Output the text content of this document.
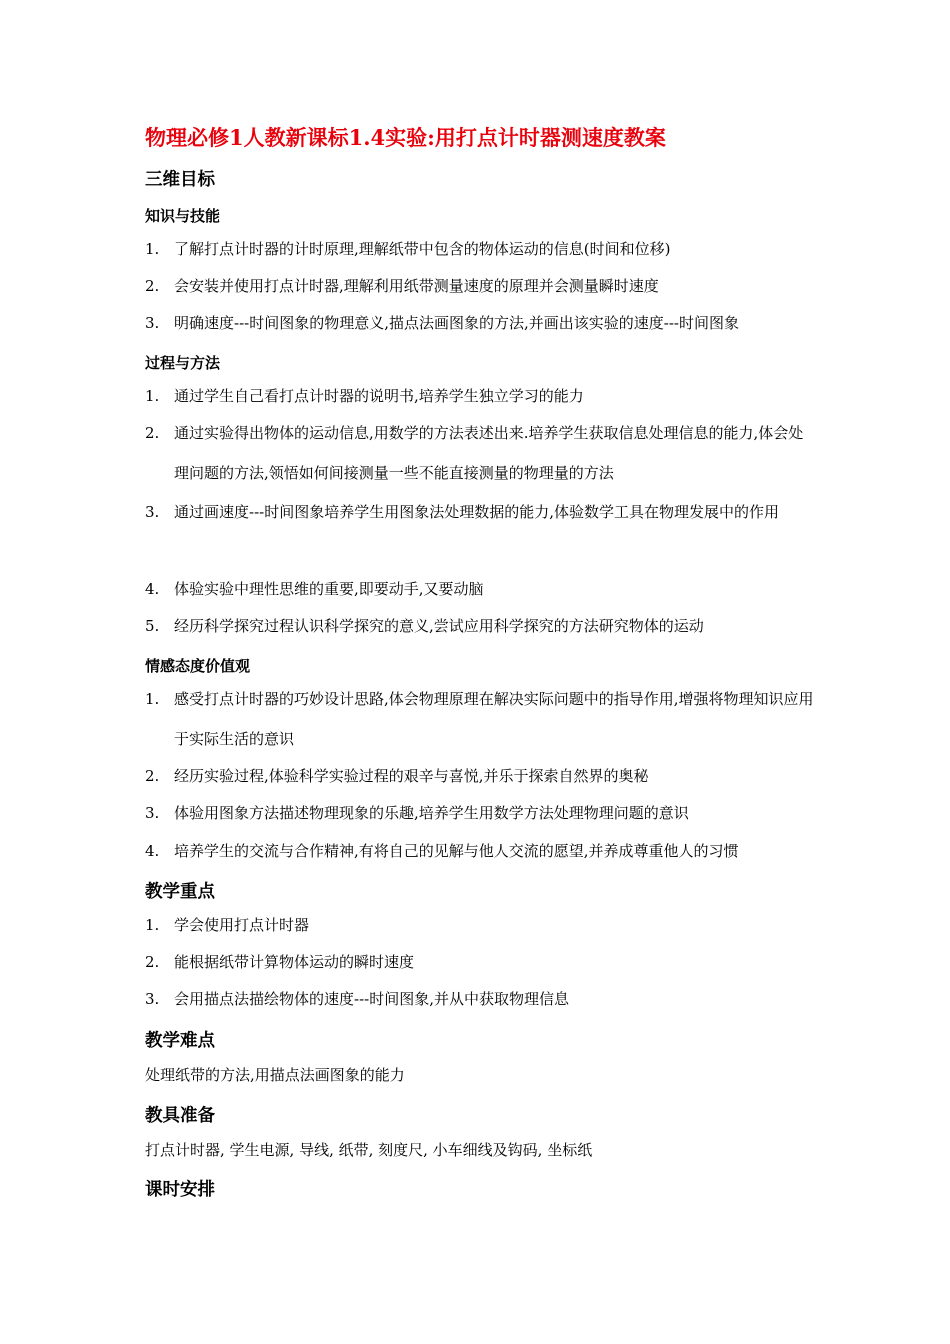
物理必修1人教新课标1.4实验:用打点计时器测速度教案
三维目标
知识与技能
1. 了解打点计时器的计时原理,理解纸带中包含的物体运动的信息(时间和位移)
2. 会安装并使用打点计时器,理解利用纸带测量速度的原理并会测量瞬时速度
3. 明确速度---时间图象的物理意义,描点法画图象的方法,并画出该实验的速度---时间图象
过程与方法
1. 通过学生自己看打点计时器的说明书,培养学生独立学习的能力
2. 通过实验得出物体的运动信息,用数学的方法表述出来.培养学生获取信息处理信息的能力,体会处理问题的方法,领悟如何间接测量一些不能直接测量的物理量的方法
3. 通过画速度---时间图象培养学生用图象法处理数据的能力,体验数学工具在物理发展中的作用
4. 体验实验中理性思维的重要,即要动手,又要动脑
5. 经历科学探究过程认识科学探究的意义,尝试应用科学探究的方法研究物体的运动
情感态度价值观
1. 感受打点计时器的巧妙设计思路,体会物理原理在解决实际问题中的指导作用,增强将物理知识应用于实际生活的意识
2. 经历实验过程,体验科学实验过程的艰辛与喜悦,并乐于探索自然界的奥秘
3. 体验用图象方法描述物理现象的乐趣,培养学生用数学方法处理物理问题的意识
4. 培养学生的交流与合作精神,有将自己的见解与他人交流的愿望,并养成尊重他人的习惯
教学重点
1. 学会使用打点计时器
2. 能根据纸带计算物体运动的瞬时速度
3. 会用描点法描绘物体的速度---时间图象,并从中获取物理信息
教学难点
处理纸带的方法,用描点法画图象的能力
教具准备
打点计时器, 学生电源, 导线, 纸带, 刻度尺, 小车细线及钩码, 坐标纸
课时安排
